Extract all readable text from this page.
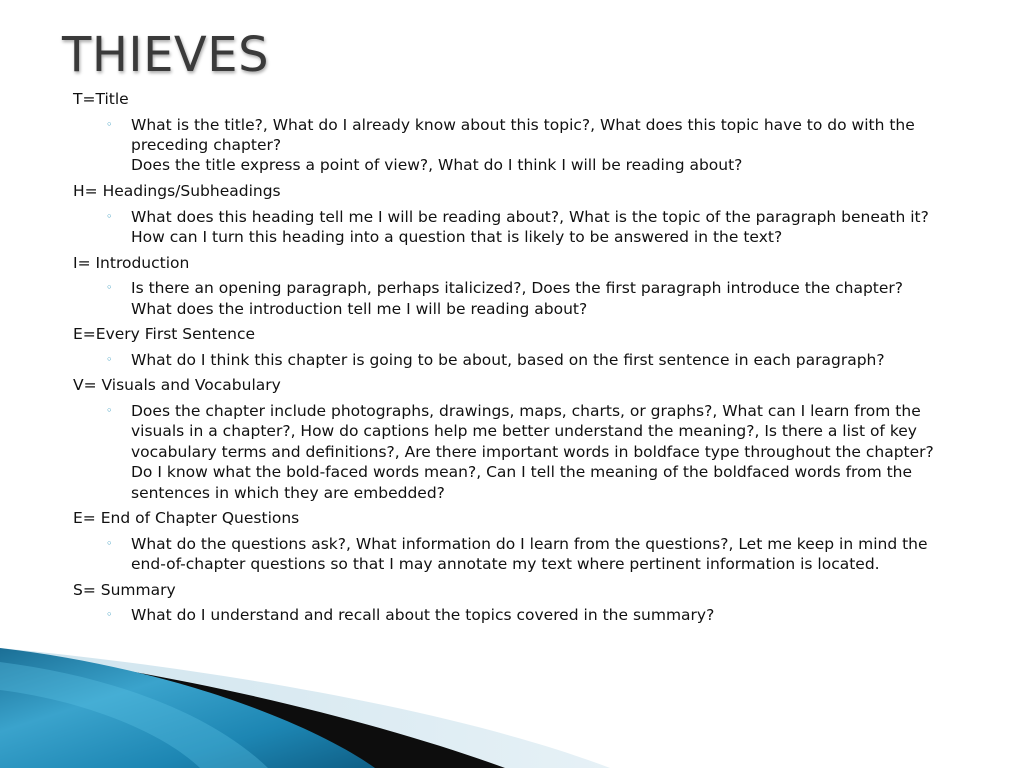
THIEVES
T=Title
◦ What is the title?, What do I already know about this topic?, What does this topic have to do with the preceding chapter?
Does the title express a point of view?, What do I think I will be reading about?
H= Headings/Subheadings
◦ What does this heading tell me I will be reading about?, What is the topic of the paragraph beneath it?
How can I turn this heading into a question that is likely to be answered in the text?
I= Introduction
◦ Is there an opening paragraph, perhaps italicized?, Does the first paragraph introduce the chapter?
What does the introduction tell me I will be reading about?
E=Every First Sentence
◦ What do I think this chapter is going to be about, based on the first sentence in each paragraph?
V= Visuals and Vocabulary
◦ Does the chapter include photographs, drawings, maps, charts, or graphs?, What can I learn from the visuals in a chapter?, How do captions help me better understand the meaning?, Is there a list of key vocabulary terms and definitions?, Are there important words in boldface type throughout the chapter?
Do I know what the bold-faced words mean?, Can I tell the meaning of the boldfaced words from the sentences in which they are embedded?
E= End of Chapter Questions
◦ What do the questions ask?, What information do I learn from the questions?, Let me keep in mind the end-of-chapter questions so that I may annotate my text where pertinent information is located.
S= Summary
◦ What do I understand and recall about the topics covered in the summary?
